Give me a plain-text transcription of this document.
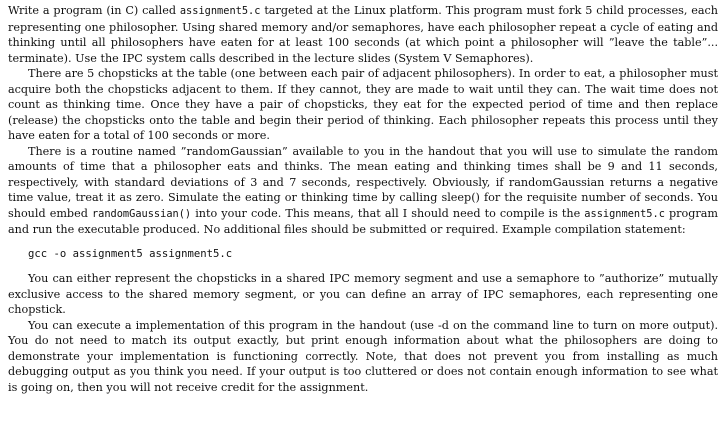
Write a program (in C) called assignment5.c targeted at the Linux platform. This program must fork 5 child processes, each representing one philosopher. Using shared memory and/or semaphores, have each philosopher repeat a cycle of eating and thinking until all philosophers have eaten for at least 100 seconds (at which point a philosopher will ”leave the table”... terminate). Use the IPC system calls described in the lecture slides (System V Semaphores).

There are 5 chopsticks at the table (one between each pair of adjacent philosophers). In order to eat, a philosopher must acquire both the chopsticks adjacent to them. If they cannot, they are made to wait until they can. The wait time does not count as thinking time. Once they have a pair of chopsticks, they eat for the expected period of time and then replace (release) the chopsticks onto the table and begin their period of thinking. Each philosopher repeats this process until they have eaten for a total of 100 seconds or more.

There is a routine named ”randomGaussian” available to you in the handout that you will use to simulate the random amounts of time that a philosopher eats and thinks. The mean eating and thinking times shall be 9 and 11 seconds, respectively, with standard deviations of 3 and 7 seconds, respectively. Obviously, if randomGaussian returns a negative time value, treat it as zero. Simulate the eating or thinking time by calling sleep() for the requisite number of seconds. You should embed randomGaussian() into your code. This means, that all I should need to compile is the assignment5.c program and run the executable produced. No additional files should be submitted or required. Example compilation statement:

gcc -o assignment5 assignment5.c

You can either represent the chopsticks in a shared IPC memory segment and use a semaphore to ”authorize” mutually exclusive access to the shared memory segment, or you can define an array of IPC semaphores, each representing one chopstick.

You can execute a implementation of this program in the handout (use -d on the command line to turn on more output). You do not need to match its output exactly, but print enough information about what the philosophers are doing to demonstrate your implementation is functioning correctly. Note, that does not prevent you from installing as much debugging output as you think you need. If your output is too cluttered or does not contain enough information to see what is going on, then you will not receive credit for the assignment.
